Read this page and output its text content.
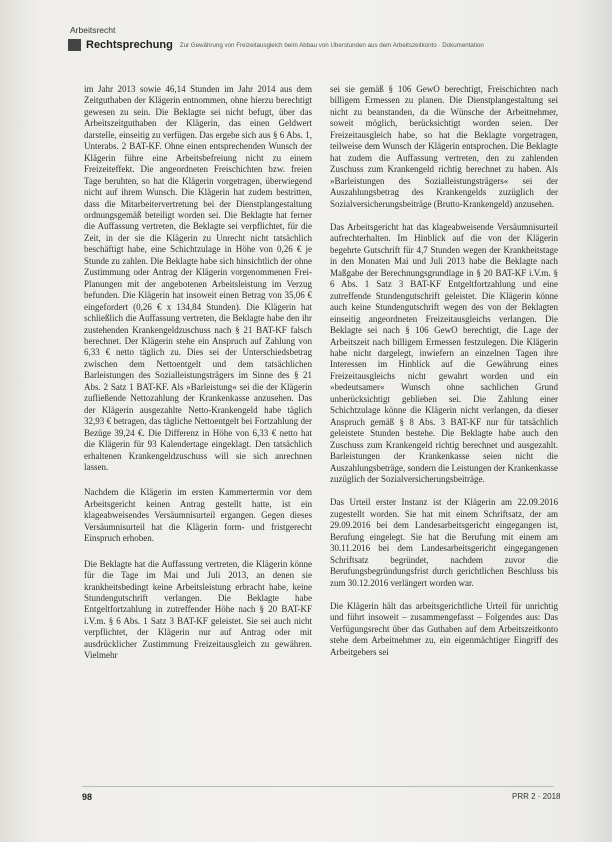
Arbeitsrecht
Rechtsprechung Zur Gewährung von Freizeitausgleich beim Abbau von Überstunden aus dem Arbeitszeitkonto · Dokumentation

im Jahr 2013 sowie 46,14 Stunden im Jahr 2014 aus dem Zeitguthaben der Klägerin entnommen, ohne hierzu berechtigt gewesen zu sein. Die Beklagte sei nicht befugt, über das Arbeitszeitguthaben der Klägerin, das einen Geldwert darstelle, einseitig zu verfügen. Das ergebe sich aus § 6 Abs. 1, Unterabs. 2 BAT-KF. Ohne einen entsprechenden Wunsch der Klägerin führe eine Arbeitsbefreiung nicht zu einem Freizeiteffekt. Die angeordneten Freischichten bzw. freien Tage beruhten, so hat die Klägerin vorgetragen, überwiegend nicht auf ihrem Wunsch. Die Klägerin hat zudem bestritten, dass die Mitarbeitervertretung bei der Dienstplangestaltung ordnungsgemäß beteiligt worden sei. Die Beklagte hat ferner die Auffassung vertreten, die Beklagte sei verpflichtet, für die Zeit, in der sie die Klägerin zu Unrecht nicht tatsächlich beschäftigt habe, eine Schichtzulage in Höhe von 0,26 € je Stunde zu zahlen. Die Beklagte habe sich hinsichtlich der ohne Zustimmung oder Antrag der Klägerin vorgenommenen Frei-Planungen mit der angebotenen Arbeitsleistung im Verzug befunden. Die Klägerin hat insoweit einen Betrag von 35,06 € eingefordert (0,26 € x 134,84 Stunden). Die Klägerin hat schließlich die Auffassung vertreten, die Beklagte habe den ihr zustehenden Krankengeldzuschuss nach § 21 BAT-KF falsch berechnet. Der Klägerin stehe ein Anspruch auf Zahlung von 6,33 € netto täglich zu. Dies sei der Unterschiedsbetrag zwischen dem Nettoentgelt und dem tatsächlichen Barleistungen des Sozialleistungsträgers im Sinne des § 21 Abs. 2 Satz 1 BAT-KF. Als »Barleistung« sei die der Klägerin zufließende Nettozahlung der Krankenkasse anzusehen. Das der Klägerin ausgezahlte Netto-Krankengeld habe täglich 32,93 € betragen, das tägliche Nettoentgelt bei Fortzahlung der Bezüge 39,24 €. Die Differenz in Höhe von 6,33 € netto hat die Klägerin für 93 Kalendertage eingeklagt. Den tatsächlich erhaltenen Krankengeldzuschuss will sie sich anrechnen lassen.

Nachdem die Klägerin im ersten Kammertermin vor dem Arbeitsgericht keinen Antrag gestellt hatte, ist ein klageabweisendes Versäumnisurteil ergangen. Gegen dieses Versäumnisurteil hat die Klägerin form- und fristgerecht Einspruch erhoben.

Die Beklagte hat die Auffassung vertreten, die Klägerin könne für die Tage im Mai und Juli 2013, an denen sie krankheitsbedingt keine Arbeitsleistung erbracht habe, keine Stundengutschrift verlangen. Die Beklagte habe Entgeltfortzahlung in zutreffender Höhe nach § 20 BAT-KF i.V.m. § 6 Abs. 1 Satz 3 BAT-KF geleistet. Sie sei auch nicht verpflichtet, der Klägerin nur auf Antrag oder mit ausdrücklicher Zustimmung Freizeitausgleich zu gewähren. Vielmehr

sei sie gemäß § 106 GewO berechtigt, Freischichten nach billigem Ermessen zu planen. Die Dienstplangestaltung sei nicht zu beanstanden, da die Wünsche der Arbeitnehmer, soweit möglich, berücksichtigt worden seien. Der Freizeitausgleich habe, so hat die Beklagte vorgetragen, teilweise dem Wunsch der Klägerin entsprochen. Die Beklagte hat zudem die Auffassung vertreten, den zu zahlenden Zuschuss zum Krankengeld richtig berechnet zu haben. Als »Barleistungen des Sozialleistungsträgers« sei der Auszahlungsbetrag des Krankengelds zuzüglich der Sozialversicherungsbeiträge (Brutto-Krankengeld) anzusehen.

Das Arbeitsgericht hat das klageabweisende Versäumnisurteil aufrechterhalten. Im Hinblick auf die von der Klägerin begehrte Gutschrift für 4,7 Stunden wegen der Krankheitstage in den Monaten Mai und Juli 2013 habe die Beklagte nach Maßgabe der Berechnungsgrundlage in § 20 BAT-KF i.V.m. § 6 Abs. 1 Satz 3 BAT-KF Entgeltfortzahlung und eine zutreffende Stundengutschrift geleistet. Die Klägerin könne auch keine Stundengutschrift wegen des von der Beklagten einseitig angeordneten Freizeitausgleichs verlangen. Die Beklagte sei nach § 106 GewO berechtigt, die Lage der Arbeitszeit nach billigem Ermessen festzulegen. Die Klägerin habe nicht dargelegt, inwiefern an einzelnen Tagen ihre Interessen im Hinblick auf die Gewährung eines Freizeitausgleichs nicht gewahrt worden und ein »bedeutsamer« Wunsch ohne sachlichen Grund unberücksichtigt geblieben sei. Die Zahlung einer Schichtzulage könne die Klägerin nicht verlangen, da dieser Anspruch gemäß § 8 Abs. 3 BAT-KF nur für tatsächlich geleistete Stunden bestehe. Die Beklagte habe auch den Zuschuss zum Krankengeld richtig berechnet und ausgezahlt. Barleistungen der Krankenkasse seien nicht die Auszahlungsbeträge, sondern die Leistungen der Krankenkasse zuzüglich der Sozialversicherungsbeiträge.

Das Urteil erster Instanz ist der Klägerin am 22.09.2016 zugestellt worden. Sie hat mit einem Schriftsatz, der am 29.09.2016 bei dem Landesarbeitsgericht eingegangen ist, Berufung eingelegt. Sie hat die Berufung mit einem am 30.11.2016 bei dem Landesarbeitsgericht eingegangenen Schriftsatz begründet, nachdem zuvor die Berufungsbegründungsfrist durch gerichtlichen Beschluss bis zum 30.12.2016 verlängert worden war.

Die Klägerin hält das arbeitsgerichtliche Urteil für unrichtig und führt insoweit – zusammengefasst – Folgendes aus: Das Verfügungsrecht über das Guthaben auf dem Arbeitszeitkonto stehe dem Arbeitnehmer zu, ein eigenmächtiger Eingriff des Arbeitgebers sei

98	PRR 2 · 2018
